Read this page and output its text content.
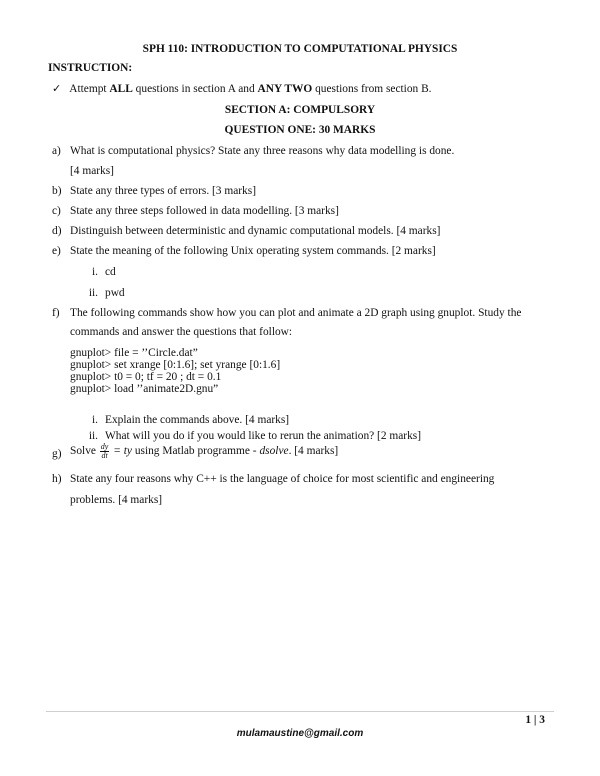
SPH 110: INTRODUCTION TO COMPUTATIONAL PHYSICS
INSTRUCTION:
✓ Attempt ALL questions in section A and ANY TWO questions from section B.
SECTION A: COMPULSORY
QUESTION ONE: 30 MARKS
a) What is computational physics? State any three reasons why data modelling is done.
[4 marks]
b) State any three types of errors. [3 marks]
c) State any three steps followed in data modelling. [3 marks]
d) Distinguish between deterministic and dynamic computational models. [4 marks]
e) State the meaning of the following Unix operating system commands. [2 marks]
i. cd
ii. pwd
f) The following commands show how you can plot and animate a 2D graph using gnuplot. Study the
commands and answer the questions that follow:
gnuplot> file = ’’Circle.dat”
gnuplot> set xrange [0:1.6]; set yrange [0:1.6]
gnuplot> t0 = 0; tf = 20 ; dt = 0.1
gnuplot> load ’’animate2D.gnu”
i. Explain the commands above. [4 marks]
ii. What will you do if you would like to rerun the animation? [2 marks]
g) Solve $\frac{dy}{dt}$ = ty using Matlab programme - dsolve. [4 marks]
h) State any four reasons why C++ is the language of choice for most scientific and engineering
problems. [4 marks]
1 | 3
mulamaustine@gmail.com
